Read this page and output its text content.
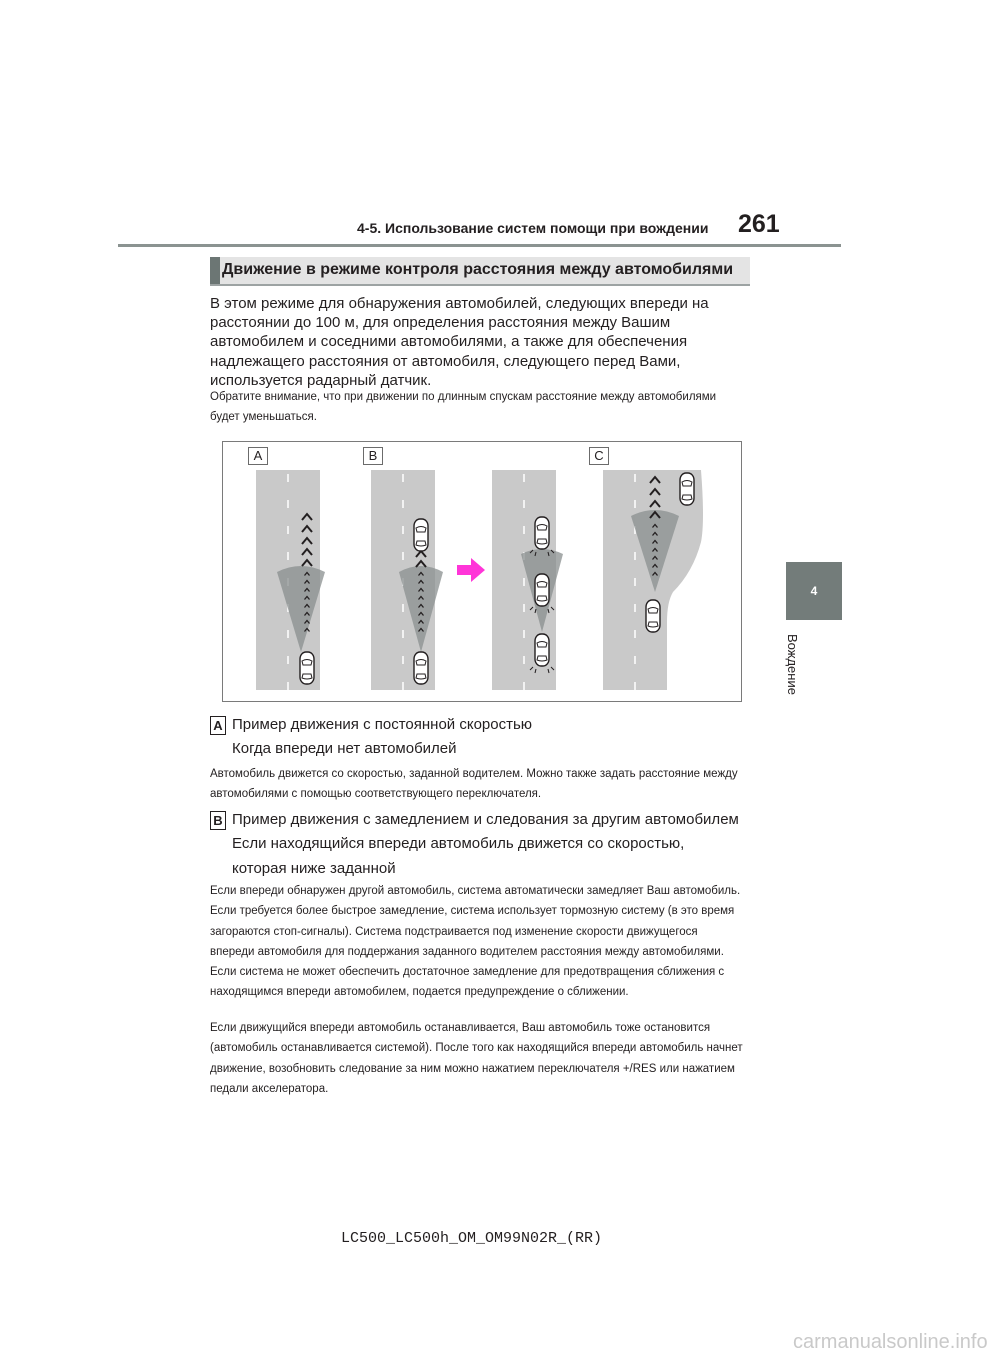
261
4-5. Использование систем помощи при вождении
Движение в режиме контроля расстояния между автомобилями
4
Вождение
В этом режиме для обнаружения автомобилей, следующих впереди на расстоянии до 100 м, для определения расстояния между Вашим автомобилем и соседними автомобилями, а также для обеспечения надлежащего расстояния от автомобиля, следующего перед Вами, используется радарный датчик.
Обратите внимание, что при движении по длинным спускам расстояние между автомобилями будет уменьшаться.
A	B	C
A Пример движения с постоянной скоростью
Когда впереди нет автомобилей
Автомобиль движется со скоростью, заданной водителем. Можно также задать расстояние между автомобилями с помощью соответствующего переключателя.
B Пример движения с замедлением и следования за другим автомобилем
Если находящийся впереди автомобиль движется со скоростью, которая ниже заданной
Если впереди обнаружен другой автомобиль, система автоматически замедляет Ваш автомобиль. Если требуется более быстрое замедление, система использует тормозную систему (в это время загораются стоп-сигналы). Система подстраивается под изменение скорости движущегося впереди автомобиля для поддержания заданного водителем расстояния между автомобилями. Если система не может обеспечить достаточное замедление для предотвращения сближения с находящимся впереди автомобилем, подается предупреждение о сближении.
Если движущийся впереди автомобиль останавливается, Ваш автомобиль тоже остановится (автомобиль останавливается системой). После того как находящийся впереди автомобиль начнет движение, возобновить следование за ним можно нажатием переключателя +/RES или нажатием педали акселератора.
LC500_LC500h_OM_OM99N02R_(RR)
carmanualsonline.info
